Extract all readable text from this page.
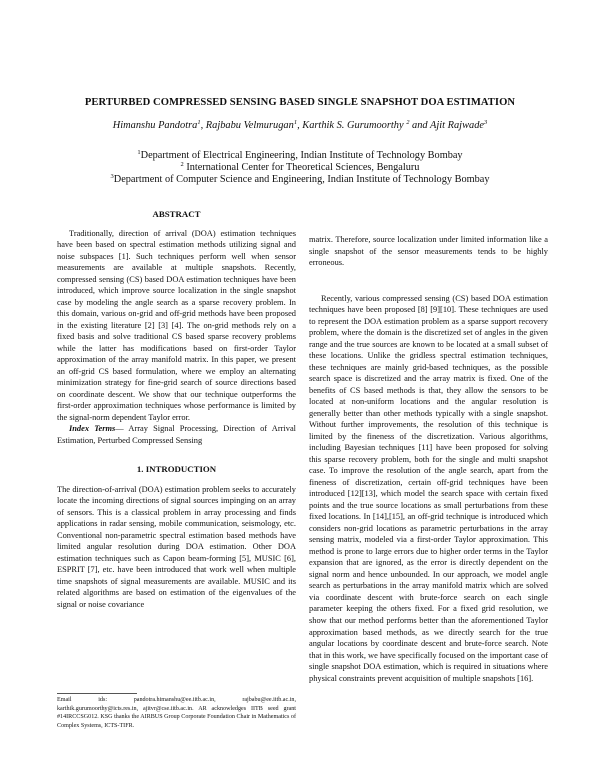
PERTURBED COMPRESSED SENSING BASED SINGLE SNAPSHOT DOA ESTIMATION
Himanshu Pandotra$^1$, Rajbabu Velmurugan$^1$, Karthik S. Gurumoorthy $^2$ and Ajit Rajwade$^3$
$^1$Department of Electrical Engineering, Indian Institute of Technology Bombay
$^2$ International Center for Theoretical Sciences, Bengaluru
$^3$Department of Computer Science and Engineering, Indian Institute of Technology Bombay
ABSTRACT

Traditionally, direction of arrival (DOA) estimation techniques have been based on spectral estimation methods utilizing signal and noise subspaces [1]. Such techniques perform well when sensor measurements are available at multiple snapshots. Recently, compressed sensing (CS) based DOA estimation techniques have been introduced, which improve source localization in the single snapshot case by modeling the angle search as a sparse recovery problem. In this domain, various on-grid and off-grid methods have been proposed in the existing literature [2] [3] [4]. The on-grid methods rely on a fixed basis and solve traditional CS based sparse recovery problems while the latter has modifications based on first-order Taylor approximation of the array manifold matrix. In this paper, we present an off-grid CS based formulation, where we employ an alternating minimization strategy for fine-grid search of source directions based on coordinate descent. We show that our technique outperforms the first-order approximation techniques whose performance is limited by the signal-norm dependent Taylor error.

Index Terms— Array Signal Processing, Direction of Arrival Estimation, Perturbed Compressed Sensing

1. INTRODUCTION

The direction-of-arrival (DOA) estimation problem seeks to accurately locate the incoming directions of signal sources impinging on an array of sensors. This is a classical problem in array processing and finds applications in radar sensing, mobile communication, seismology, etc. Conventional non-parametric spectral estimation based methods have limited angular resolution during DOA estimation. Other DOA estimation techniques such as Capon beam-forming [5], MUSIC [6], ESPRIT [7], etc. have been introduced that work well when multiple time snapshots of signal measurements are available. MUSIC and its related algorithms are based on estimation of the eigenvalues of the signal or noise covariance

matrix. Therefore, source localization under limited information like a single snapshot of the sensor measurements tends to be highly erroneous.

Recently, various compressed sensing (CS) based DOA estimation techniques have been proposed [8] [9][10]. These techniques are used to represent the DOA estimation problem as a sparse support recovery problem, where the domain is the discretized set of angles in the given range and the true sources are known to be located at a small subset of these locations. Unlike the gridless spectral estimation techniques, these techniques are mainly grid-based techniques, as the possible search space is discretized and the array matrix is fixed. One of the benefits of CS based methods is that, they allow the sensors to be located at non-uniform locations and the angular resolution is generally better than other methods typically with a single snapshot. Without further improvements, the resolution of this technique is limited by the fineness of the discretization. Various algorithms, including Bayesian techniques [11] have been proposed for solving this sparse recovery problem, both for the single and multi snapshot case. To improve the resolution of the angle search, apart from the fineness of discretization, certain off-grid techniques have been introduced [12][13], which model the search space with certain fixed points and the true source locations as small perturbations from these fixed locations. In [14],[15], an off-grid technique is introduced which considers non-grid locations as parametric perturbations in the array sensing matrix, modeled via a first-order Taylor approximation. This method is prone to large errors due to higher order terms in the Taylor expansion that are ignored, as the error is directly dependent on the signal norm and hence unbounded. In our approach, we model angle search as perturbations in the array manifold matrix which are solved via coordinate descent with brute-force search on each single parameter keeping the others fixed. For a fixed grid resolution, we show that our method performs better than the aforementioned Taylor approximation based methods, as we directly search for the true angular locations by coordinate descent and brute-force search. Note that in this work, we have specifically focused on the important case of single snapshot DOA estimation, which is required in situations where physical constraints prevent acquisition of multiple snapshots [16].

Email ids: pandotra.himanshu@ee.iitb.ac.in, rajbabu@ee.iitb.ac.in, karthik.gurumoorthy@icts.res.in, ajitvr@cse.iitb.ac.in. AR acknowledges IITB seed grant #14IRCCSG012. KSG thanks the AIRBUS Group Corporate Foundation Chair in Mathematics of Complex Systems, ICTS-TIFR.
